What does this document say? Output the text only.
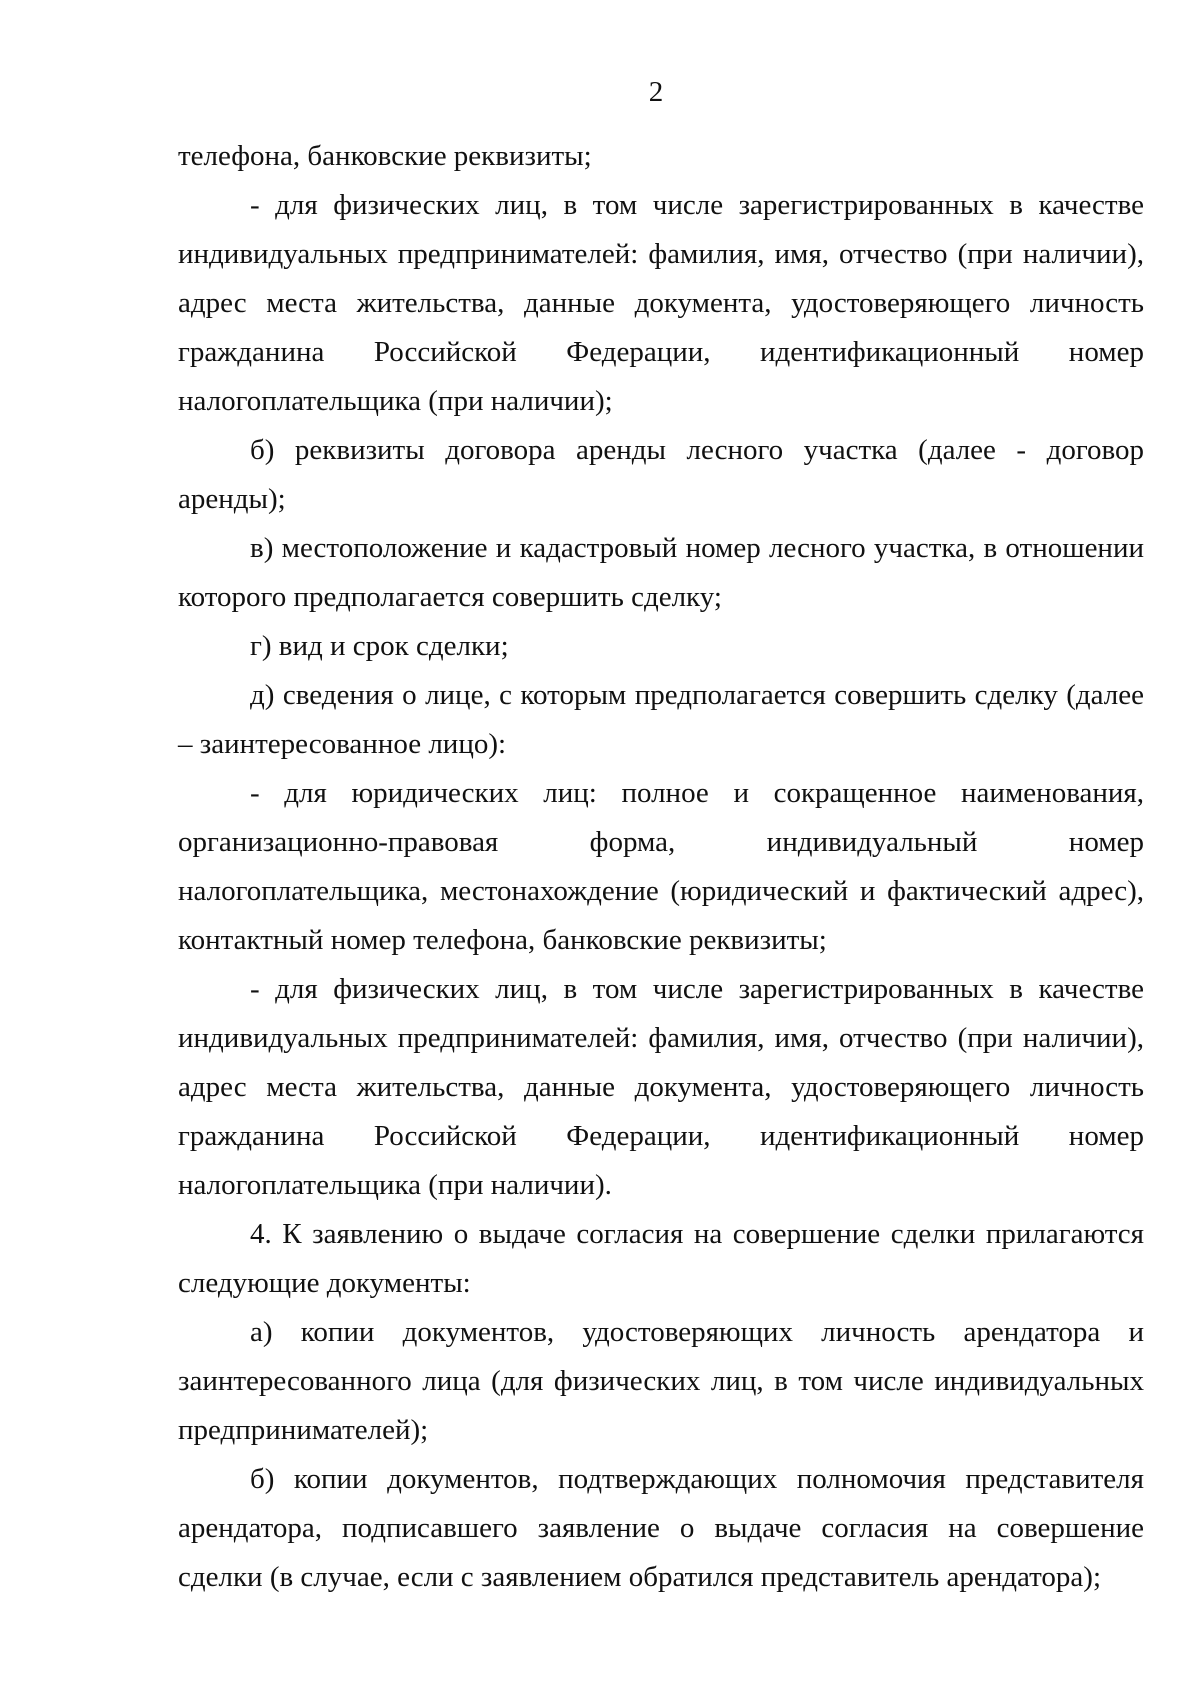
2

телефона, банковские реквизиты;

- для физических лиц, в том числе зарегистрированных в качестве индивидуальных предпринимателей: фамилия, имя, отчество (при наличии), адрес места жительства, данные документа, удостоверяющего личность гражданина Российской Федерации, идентификационный номер налогоплательщика (при наличии);

б) реквизиты договора аренды лесного участка (далее - договор аренды);

в) местоположение и кадастровый номер лесного участка, в отношении которого предполагается совершить сделку;

г) вид и срок сделки;

д) сведения о лице, с которым предполагается совершить сделку (далее – заинтересованное лицо):

- для юридических лиц: полное и сокращенное наименования, организационно-правовая форма, индивидуальный номер налогоплательщика, местонахождение (юридический и фактический адрес), контактный номер телефона, банковские реквизиты;

- для физических лиц, в том числе зарегистрированных в качестве индивидуальных предпринимателей: фамилия, имя, отчество (при наличии), адрес места жительства, данные документа, удостоверяющего личность гражданина Российской Федерации, идентификационный номер налогоплательщика (при наличии).

4. К заявлению о выдаче согласия на совершение сделки прилагаются следующие документы:

а) копии документов, удостоверяющих личность арендатора и заинтересованного лица (для физических лиц, в том числе индивидуальных предпринимателей);

б) копии документов, подтверждающих полномочия представителя арендатора, подписавшего заявление о выдаче согласия на совершение сделки (в случае, если с заявлением обратился представитель арендатора);
